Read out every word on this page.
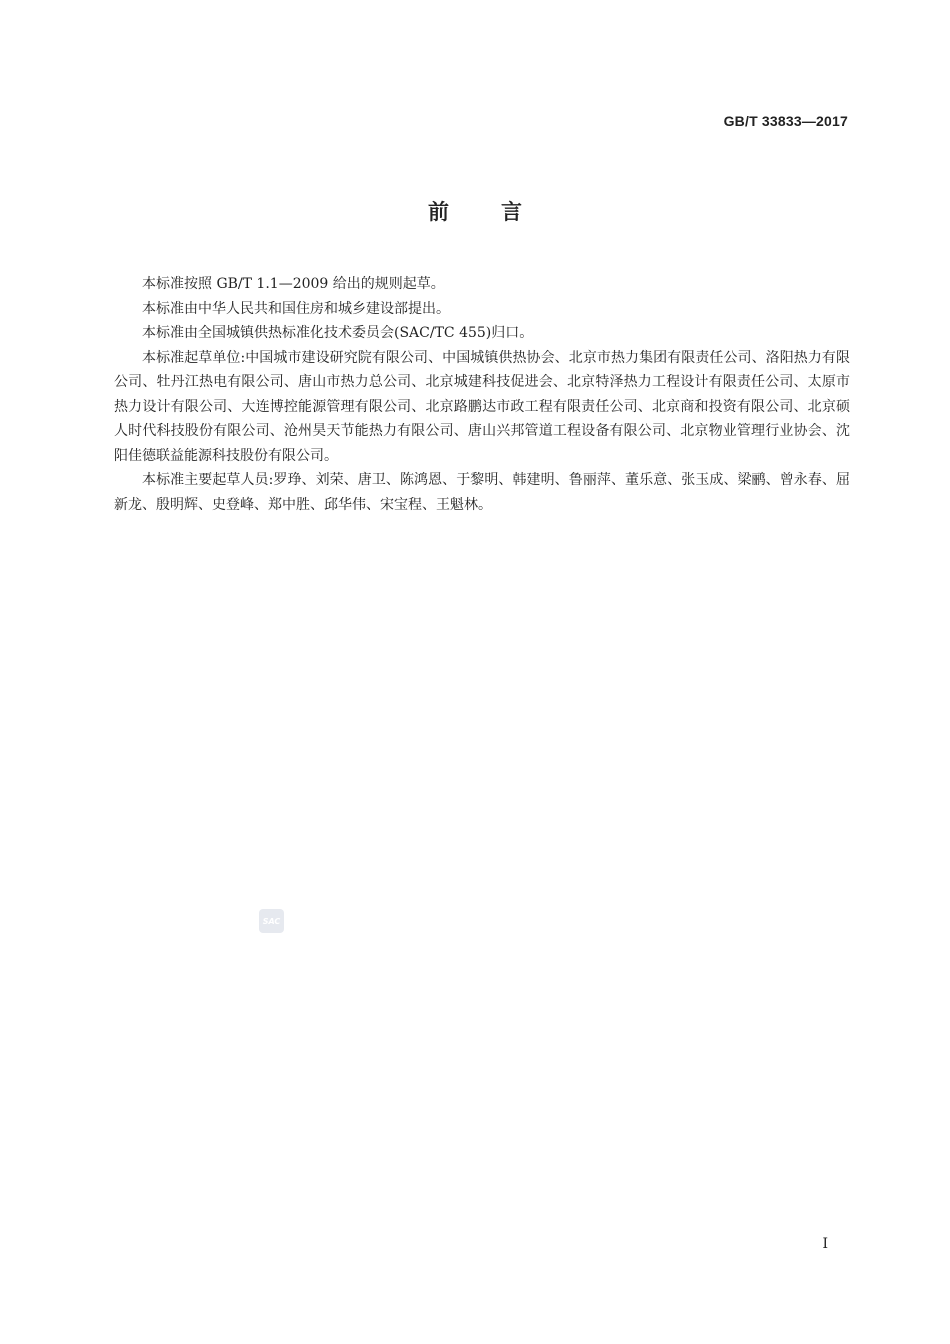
GB/T 33833—2017
前 言

本标准按照 GB/T 1.1—2009 给出的规则起草。

本标准由中华人民共和国住房和城乡建设部提出。

本标准由全国城镇供热标准化技术委员会(SAC/TC 455)归口。

本标准起草单位:中国城市建设研究院有限公司、中国城镇供热协会、北京市热力集团有限责任公司、洛阳热力有限公司、牡丹江热电有限公司、唐山市热力总公司、北京城建科技促进会、北京特泽热力工程设计有限责任公司、太原市热力设计有限公司、大连博控能源管理有限公司、北京路鹏达市政工程有限责任公司、北京商和投资有限公司、北京硕人时代科技股份有限公司、沧州昊天节能热力有限公司、唐山兴邦管道工程设备有限公司、北京物业管理行业协会、沈阳佳德联益能源科技股份有限公司。

本标准主要起草人员:罗琤、刘荣、唐卫、陈鸿恩、于黎明、韩建明、鲁丽萍、董乐意、张玉成、梁鹂、曾永春、屈新龙、殷明辉、史登峰、郑中胜、邱华伟、宋宝程、王魁林。

SAC
I
